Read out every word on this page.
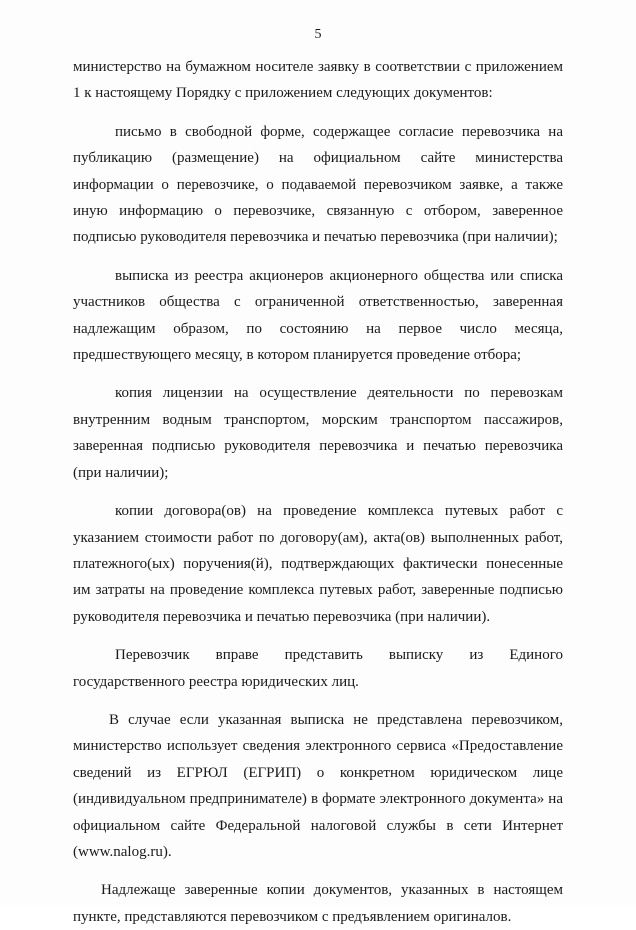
5

министерство на бумажном носителе заявку в соответствии с приложением 1 к настоящему Порядку с приложением следующих документов:

письмо в свободной форме, содержащее согласие перевозчика на публикацию (размещение) на официальном сайте министерства информации о перевозчике, о подаваемой перевозчиком заявке, а также иную информацию о перевозчике, связанную с отбором, заверенное подписью руководителя перевозчика и печатью перевозчика (при наличии);

выписка из реестра акционеров акционерного общества или списка участников общества с ограниченной ответственностью, заверенная надлежащим образом, по состоянию на первое число месяца, предшествующего месяцу, в котором планируется проведение отбора;

копия лицензии на осуществление деятельности по перевозкам внутренним водным транспортом, морским транспортом пассажиров, заверенная подписью руководителя перевозчика и печатью перевозчика (при наличии);

копии договора(ов) на проведение комплекса путевых работ с указанием стоимости работ по договору(ам), акта(ов) выполненных работ, платежного(ых) поручения(й), подтверждающих фактически понесенные им затраты на проведение комплекса путевых работ, заверенные подписью руководителя перевозчика и печатью перевозчика (при наличии).

Перевозчик вправе представить выписку из Единого государственного реестра юридических лиц.

В случае если указанная выписка не представлена перевозчиком, министерство использует сведения электронного сервиса «Предоставление сведений из ЕГРЮЛ (ЕГРИП) о конкретном юридическом лице (индивидуальном предпринимателе) в формате электронного документа» на официальном сайте Федеральной налоговой службы в сети Интернет (www.nalog.ru).

Надлежаще заверенные копии документов, указанных в настоящем пункте, представляются перевозчиком с предъявлением оригиналов.
